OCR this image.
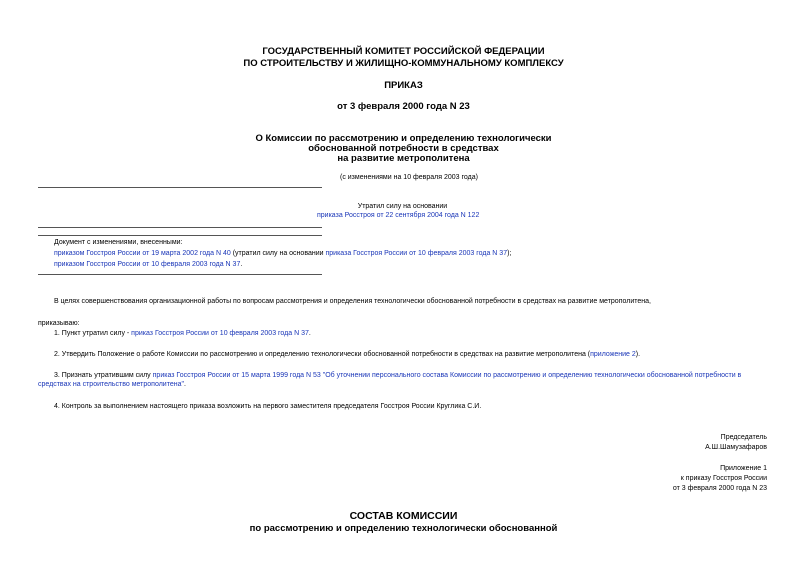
ГОСУДАРСТВЕННЫЙ КОМИТЕТ РОССИЙСКОЙ ФЕДЕРАЦИИ
ПО СТРОИТЕЛЬСТВУ И ЖИЛИЩНО-КОММУНАЛЬНОМУ КОМПЛЕКСУ
ПРИКАЗ
от 3 февраля 2000 года N 23
О Комиссии по рассмотрению и определению технологически
обоснованной потребности в средствах
на развитие метрополитена
(с изменениями на 10 февраля 2003 года)
Утратил силу на основании
приказа Росстроя от 22 сентября 2004 года N 122
Документ с изменениями, внесенными:
приказом Госстроя России от 19 марта 2002 года N 40 (утратил силу на основании приказа Госстроя России от 10 февраля 2003 года N 37);
приказом Госстроя России от 10 февраля 2003 года N 37.
В целях совершенствования организационной работы по вопросам рассмотрения и определения технологически обоснованной потребности в средствах на развитие метрополитена,
приказываю:
1. Пункт утратил силу - приказ Госстроя России от 10 февраля 2003 года N 37.
2. Утвердить Положение о работе Комиссии по рассмотрению и определению технологически обоснованной потребности в средствах на развитие метрополитена (приложение 2).
3. Признать утратившим силу приказ Госстроя России от 15 марта 1999 года N 53 "Об уточнении персонального состава Комиссии по рассмотрению и определению технологически обоснованной потребности в
средствах на строительство метрополитена".
4. Контроль за выполнением настоящего приказа возложить на первого заместителя председателя Госстроя России Круглика С.И.
Председатель
А.Ш.Шамузафаров
Приложение 1
к приказу Госстроя России
от 3 февраля 2000 года N 23
СОСТАВ КОМИССИИ
по рассмотрению и определению технологически обоснованной
